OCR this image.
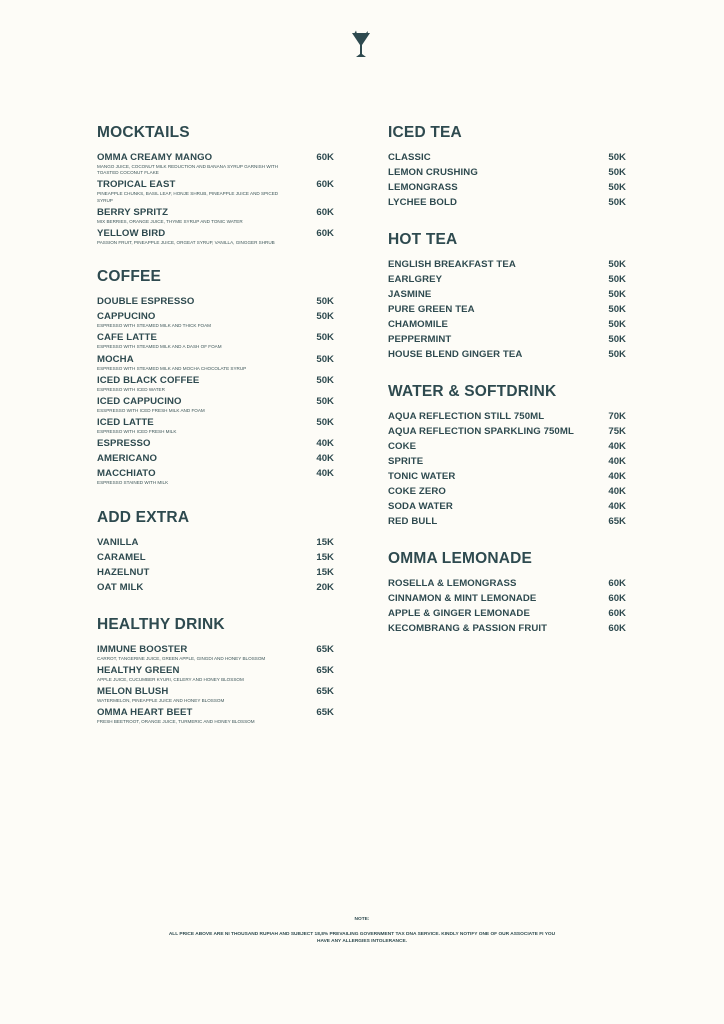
MOCKTAILS
OMMA CREAMY MANGO	60K
MANGO JUICE, COCONUT MILK REDUCTION AND BANANA SYRUP GARNISH WITH TOASTED COCONUT FLAKE
TROPICAL EAST	60K
PINEAPPLE CHUNKS, BASIL LEAF, HONJE SHRUB, PINEAPPLE JUICE AND SPICED SYRUP
BERRY SPRITZ	60K
MIX BERRIES, ORANGE JUICE, THYME SYRUP AND TONIC WATER
YELLOW BIRD	60K
PASSION FRUIT, PINEAPPLE JUICE, ORGEAT SYRUP, VANILLA, GINGGER SHRUB
COFFEE
DOUBLE ESPRESSO	50K
CAPPUCINO	50K
ESPRESSO WITH STEAMED MILK AND THICK FOAM
CAFE LATTE	50K
ESPRESSO WITH STEAMED MILK AND A DASH OF FOAM
MOCHA	50K
ESPRESSO WITH STEAMED MILK AND MOCHA CHOCOLATE SYRUP
ICED BLACK COFFEE	50K
ESPRESSO WITH ICED WATER
ICED CAPPUCINO	50K
ESSPRESSO WITH ICED FRESH MILK AND FOAM
ICED LATTE	50K
ESPRESSO WITH ICED FRESH MILK
ESPRESSO	40K
AMERICANO	40K
MACCHIATO	40K
ESPRESSO STAINED WITH MILK
ADD EXTRA
VANILLA	15K
CARAMEL	15K
HAZELNUT	15K
OAT MILK	20K
HEALTHY DRINK
IMMUNE BOOSTER	65K
CARROT, TANGERINE JUICE, GREEN APPLE, GINGDI AND HONEY BLOSSOM
HEALTHY GREEN	65K
APPLE JUICE, CUCUMBER KYURI, CELERY AND HONEY BLOSSOM
MELON BLUSH	65K
WATERMELON, PINEAPPLE JUICE AND HONEY BLOSSOM
OMMA HEART BEET	65K
FRESH BEETROOT, ORANGE JUICE, TURMERIC AND HONEY BLOSSOM
ICED TEA
CLASSIC	50K
LEMON CRUSHING	50K
LEMONGRASS	50K
LYCHEE BOLD	50K
HOT TEA
ENGLISH BREAKFAST TEA	50K
EARLGREY	50K
JASMINE	50K
PURE GREEN TEA	50K
CHAMOMILE	50K
PEPPERMINT	50K
HOUSE BLEND GINGER TEA	50K
WATER & SOFTDRINK
AQUA REFLECTION STILL 750ML	70K
AQUA REFLECTION SPARKLING 750ML	75K
COKE	40K
SPRITE	40K
TONIC WATER	40K
COKE ZERO	40K
SODA WATER	40K
RED BULL	65K
OMMA LEMONADE
ROSELLA & LEMONGRASS	60K
CINNAMON & MINT LEMONADE	60K
APPLE & GINGER LEMONADE	60K
KECOMBRANG & PASSION FRUIT	60K
NOTE:
ALL PRICE ABOVE ARE NI THOUSAND RUPIAH AND SUBJECT 18,8% PREVAILING GOVERNMENT TAX DNA SERVICE. KINDLY NOTIFY ONE OF OUR ASSOCIATE FI YOU
HAVE ANY ALLERGIES INTOLERANCE.
